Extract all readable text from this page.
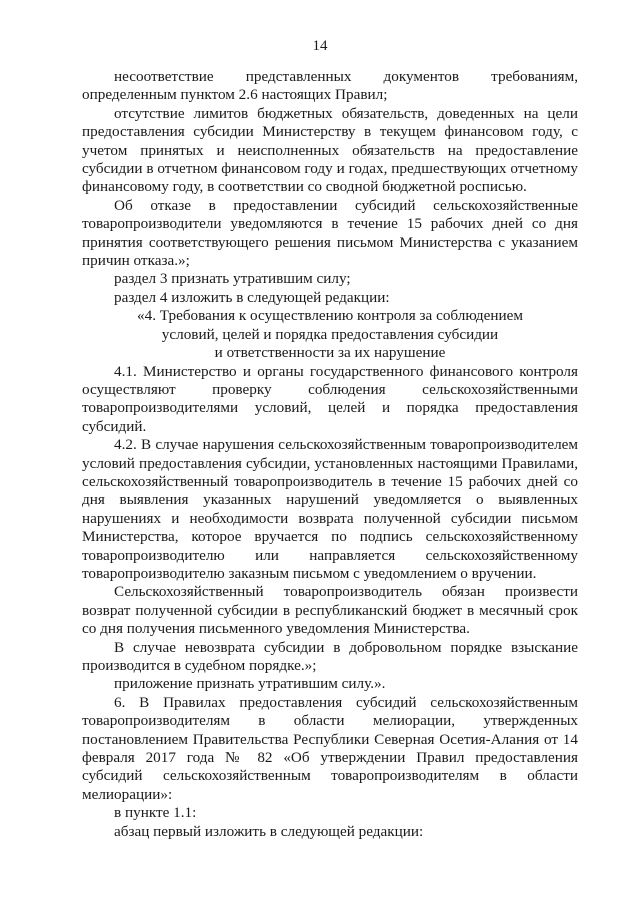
14

несоответствие представленных документов требованиям, определенным пунктом 2.6 настоящих Правил;

отсутствие лимитов бюджетных обязательств, доведенных на цели предоставления субсидии Министерству в текущем финансовом году, с учетом принятых и неисполненных обязательств на предоставление субсидии в отчетном финансовом году и годах, предшествующих отчетному финансовому году, в соответствии со сводной бюджетной росписью.

Об отказе в предоставлении субсидий сельскохозяйственные товаропроизводители уведомляются в течение 15 рабочих дней со дня принятия соответствующего решения письмом Министерства с указанием причин отказа.»;

раздел 3 признать утратившим силу;

раздел 4 изложить в следующей редакции:

«4. Требования к осуществлению контроля за соблюдением

условий, целей и порядка предоставления субсидии

и ответственности за их нарушение

4.1. Министерство и органы государственного финансового контроля осуществляют проверку соблюдения сельскохозяйственными товаропроизводителями условий, целей и порядка предоставления субсидий.

4.2. В случае нарушения сельскохозяйственным товаропроизводителем условий предоставления субсидии, установленных настоящими Правилами, сельскохозяйственный товаропроизводитель в течение 15 рабочих дней со дня выявления указанных нарушений уведомляется о выявленных нарушениях и необходимости возврата полученной субсидии письмом Министерства, которое вручается по подпись сельскохозяйственному товаропроизводителю или направляется сельскохозяйственному товаропроизводителю заказным письмом с уведомлением о вручении.

Сельскохозяйственный товаропроизводитель обязан произвести возврат полученной субсидии в республиканский бюджет в месячный срок со дня получения письменного уведомления Министерства.

В случае невозврата субсидии в добровольном порядке взыскание производится в судебном порядке.»;

приложение признать утратившим силу.».

6. В Правилах предоставления субсидий сельскохозяйственным товаропроизводителям в области мелиорации, утвержденных постановлением Правительства Республики Северная Осетия-Алания от 14 февраля 2017 года № 82 «Об утверждении Правил предоставления субсидий сельскохозяйственным товаропроизводителям в области мелиорации»:

в пункте 1.1:

абзац первый изложить в следующей редакции:
